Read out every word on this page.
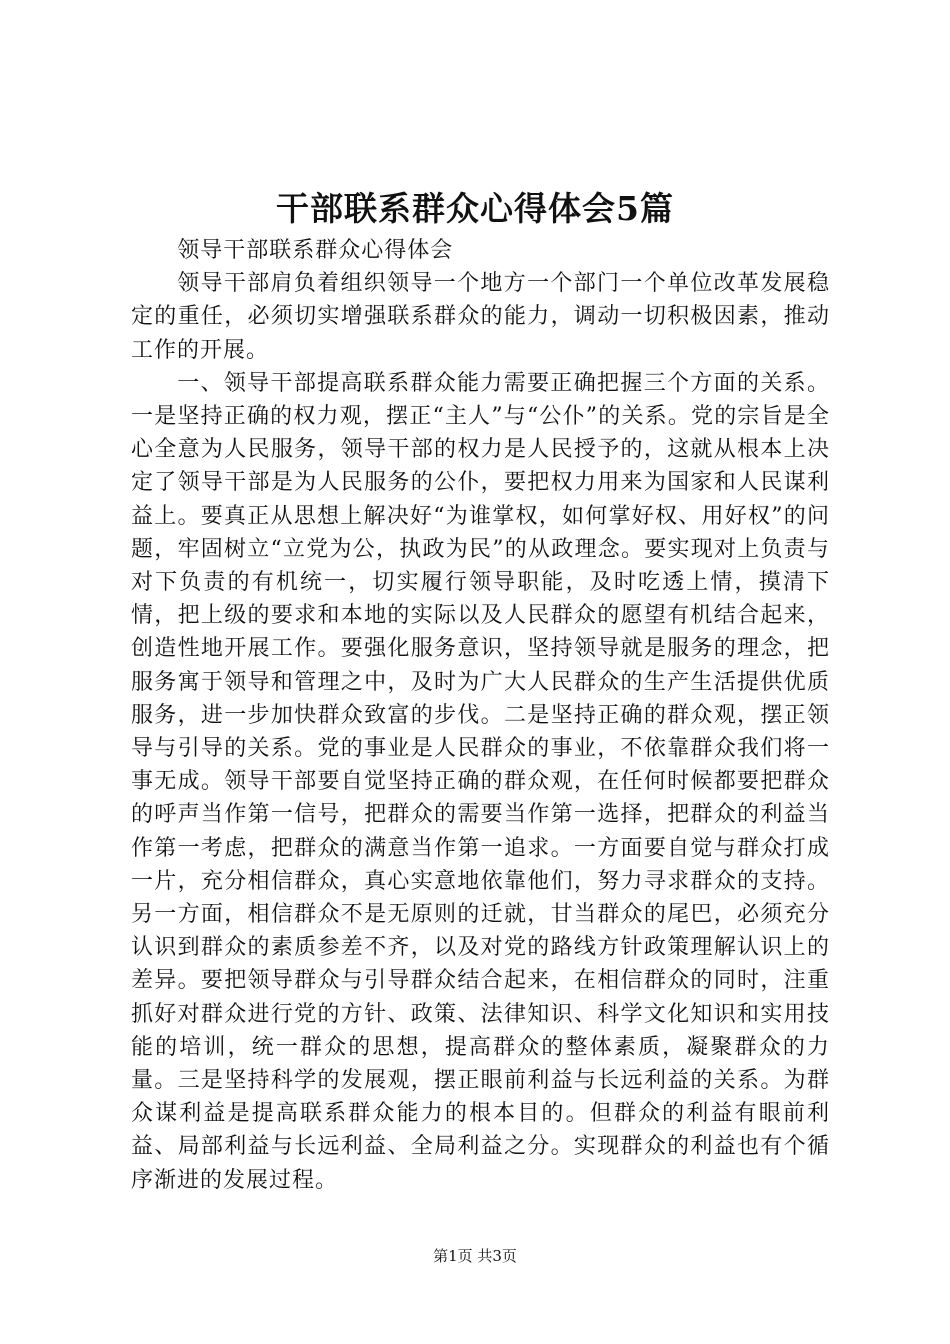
干部联系群众心得体会5篇

领导干部联系群众心得体会

领导干部肩负着组织领导一个地方一个部门一个单位改革发展稳定的重任，必须切实增强联系群众的能力，调动一切积极因素，推动工作的开展。

一、领导干部提高联系群众能力需要正确把握三个方面的关系。一是坚持正确的权力观，摆正“主人”与“公仆”的关系。党的宗旨是全心全意为人民服务，领导干部的权力是人民授予的，这就从根本上决定了领导干部是为人民服务的公仆，要把权力用来为国家和人民谋利益上。要真正从思想上解决好“为谁掌权，如何掌好权、用好权”的问题，牢固树立“立党为公，执政为民”的从政理念。要实现对上负责与对下负责的有机统一，切实履行领导职能，及时吃透上情，摸清下情，把上级的要求和本地的实际以及人民群众的愿望有机结合起来，创造性地开展工作。要强化服务意识，坚持领导就是服务的理念，把服务寓于领导和管理之中，及时为广大人民群众的生产生活提供优质服务，进一步加快群众致富的步伐。二是坚持正确的群众观，摆正领导与引导的关系。党的事业是人民群众的事业，不依靠群众我们将一事无成。领导干部要自觉坚持正确的群众观，在任何时候都要把群众的呼声当作第一信号，把群众的需要当作第一选择，把群众的利益当作第一考虑，把群众的满意当作第一追求。一方面要自觉与群众打成一片，充分相信群众，真心实意地依靠他们，努力寻求群众的支持。另一方面，相信群众不是无原则的迁就，甘当群众的尾巴，必须充分认识到群众的素质参差不齐，以及对党的路线方针政策理解认识上的差异。要把领导群众与引导群众结合起来，在相信群众的同时，注重抓好对群众进行党的方针、政策、法律知识、科学文化知识和实用技能的培训，统一群众的思想，提高群众的整体素质，凝聚群众的力量。三是坚持科学的发展观，摆正眼前利益与长远利益的关系。为群众谋利益是提高联系群众能力的根本目的。但群众的利益有眼前利益、局部利益与长远利益、全局利益之分。实现群众的利益也有个循序渐进的发展过程。

第1页 共3页
